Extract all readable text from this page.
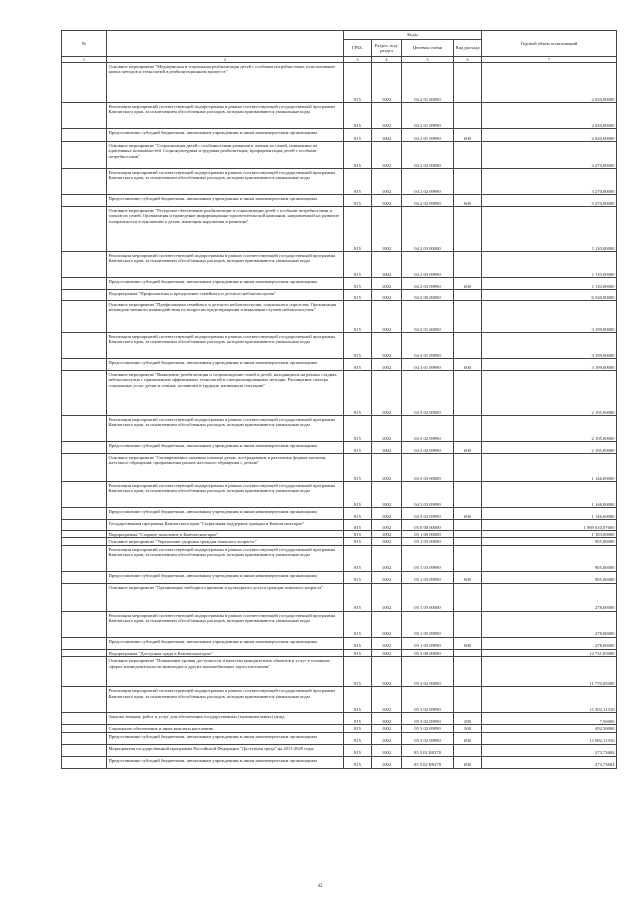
№		Коды				Годовой объем ассигнований
		ГРБС	Раздел, под-раздел	Целевая статья	Вид расхода	
1	2	3	4	5	6	7
	Основное мероприятие "Медицинская и социальная реабилитация детей с особыми потребностями, использование новых методов и технологий в реабилитационном процессе"	815	1002	04 2 01 00000		2 020,00000
	Реализация мероприятий соответствующей подпрограммы в рамках соответствующей государственной программы Камчатского края, за исключением обособленных расходов, которым присваиваются уникальные коды	815	1002	04 2 01 09990		2 020,00000
	Предоставление субсидий бюджетным, автономным учреждениям и иным некоммерческим организациям	815	1002	04 2 01 09990	600	2 020,00000
	Основное мероприятие "Социализация детей с особенностями развития и членов их семей, повышение их адаптивных возможностей. Социокультурная и трудовая реабилитация, профориентация детей с особыми потребностями"	815	1002	04 2 02 00000		3 270,00000
	Реализация мероприятий соответствующей подпрограммы в рамках соответствующей государственной программы Камчатского края, за исключением обособленных расходов, которым присваиваются уникальные коды	815	1002	04 2 02 09990		3 270,00000
	Предоставление субсидий бюджетным, автономным учреждениям и иным некоммерческим организациям	815	1002	04 2 02 09990	600	3 270,00000
	Основное мероприятие "Ресурсное обеспечение реабилитации и социализации детей с особыми потребностями и членов их семей. Организация и проведение информационно-просветительской кампании, направленной на развитие толерантности в отношении к детям, имеющим нарушения в развитии"	815	1002	04 2 03 00000		1 110,00000
	Реализация мероприятий соответствующей подпрограммы в рамках соответствующей государственной программы Камчатского края, за исключением обособленных расходов, которым присваиваются уникальные коды	815	1002	04 2 03 09990		1 110,00000
	Предоставление субсидий бюджетным, автономным учреждениям и иным некоммерческим организациям	815	1002	04 2 03 09990	600	1 110,00000
	Подпрограмма "Профилактика и преодоление семейного и детского неблагополучия"	815	1002	04 3 00 00000		6 540,00000
	Основное мероприятие "Профилактика семейного и детского неблагополучия, социального сиротства. Организация межведомственного взаимодействия по вопросам предотвращения и выявления случаев неблагополучия"	815	1002	04 3 01 00000		3 199,00000
	Реализация мероприятий соответствующей подпрограммы в рамках соответствующей государственной программы Камчатского края, за исключением обособленных расходов, которым присваиваются уникальные коды	815	1002	04 3 01 09990		3 199,00000
	Предоставление субсидий бюджетным, автономным учреждениям и иным некоммерческим организациям	815	1002	04 3 01 09990	600	3 199,00000
	Основное мероприятие "Выявление, реабилитация и сопровождение семей и детей, находящихся на разных стадиях неблагополучия с применением эффективных технологий и специализированных методик. Расширение спектра социальных услуг детям и семьям, попавшим в трудную жизненную ситуацию"	815	1002	04 3 02 00000		2 195,00000
	Реализация мероприятий соответствующей подпрограммы в рамках соответствующей государственной программы Камчатского края, за исключением обособленных расходов, которым присваиваются уникальные коды	815	1002	04 3 02 09990		2 195,00000
	Предоставление субсидий бюджетным, автономным учреждениям и иным некоммерческим организациям	815	1002	04 3 02 09990	600	2 195,00000
	Основное мероприятие "Своевременное оказание помощи детям, пострадавшим в различных формах насилия, жестокого обращения, профилактика рисков жестокого обращения с детьми"	815	1002	04 3 03 00000		1 146,00000
	Реализация мероприятий соответствующей подпрограммы в рамках соответствующей государственной программы Камчатского края, за исключением обособленных расходов, которым присваиваются уникальные коды	815	1002	04 3 03 09990		1 146,00000
	Предоставление субсидий бюджетным, автономным учреждениям и иным некоммерческим организациям	815	1002	04 3 03 09990	600	1 146,00000
	Государственная программа Камчатского края "Социальная поддержка граждан в Камчатском крае"	815	1002	05 0 00 00000		1 989 610,07600
	Подпрограмма "Старшее поколение в Камчатском крае"	815	1002	05 1 00 00000		1 183,00000
	Основное мероприятие "Укрепление здоровья граждан пожилого возраста "	815	1002	05 1 03 00000		905,00000
	Реализация мероприятий соответствующей подпрограммы в рамках соответствующей государственной программы Камчатского края, за исключением обособленных расходов, которым присваиваются уникальные коды	815	1002	05 1 03 09990		905,00000
	Предоставление субсидий бюджетным, автономным учреждениям и иным некоммерческим организациям	815	1002	05 1 03 09990	600	905,00000
	Основное мероприятие "Организация свободного времени и культурного досуга граждан пожилого возраста"	815	1002	05 1 05 00000		278,00000
	Реализация мероприятий соответствующей подпрограммы в рамках соответствующей государственной программы Камчатского края, за исключением обособленных расходов, которым присваиваются уникальные коды	815	1002	05 1 05 09990		278,00000
	Предоставление субсидий бюджетным, автономным учреждениям и иным некоммерческим организациям	815	1002	05 1 05 09990	600	278,00000
	Подпрограмма "Доступная среда в Камчатском крае"	815	1002	05 3 00 00000		12 731,05000
	Основное мероприятие "Повышение уровня доступности и качества приоритетных объектов и услуг в основных сферах жизнедеятельности инвалидов и других маломобильных групп населения"	815	1002	05 3 02 00000		11 776,05000
	Реализация мероприятий соответствующей подпрограммы в рамках соответствующей государственной программы Камчатского края, за исключением обособленных расходов, которым присваиваются уникальные коды	815	1002	05 3 02 09990		11 502,11316
	Закупка товаров, работ и услуг для обеспечения государственных (муниципальных) нужд	815	1002	05 3 02 09990	200	7,50000
	Социальное обеспечение и иные выплаты населению	815	1002	05 3 02 09990	300	492,50000
	Предоставление субсидий бюджетным, автономным учреждениям и иным некоммерческим организациям	815	1002	05 3 02 09990	600	11 002,11316
	Мероприятия государственной программы Российской Федерации "Доступная среда" на 2011-2020 годы	815	1002	05 3 02 R0270		273,73684
	Предоставление субсидий бюджетным, автономным учреждениям и иным некоммерческим организациям	815	1002	05 3 02 R0270	600	273,73684
42
